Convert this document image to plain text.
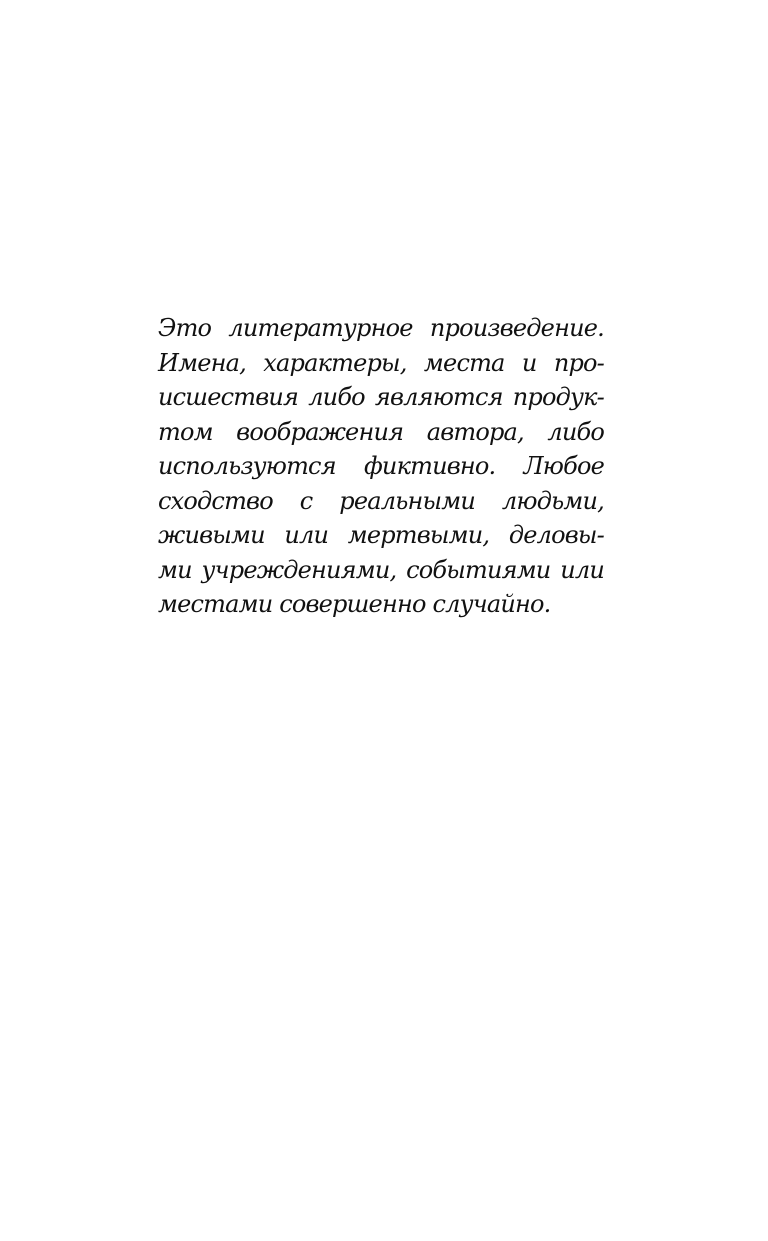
Это литературное произведение.
Имена, характеры, места и про-
исшествия либо являются продук-
том воображения автора, либо
используются фиктивно. Любое
сходство с реальными людьми,
живыми или мертвыми, деловы-
ми учреждениями, событиями или
местами совершенно случайно.
